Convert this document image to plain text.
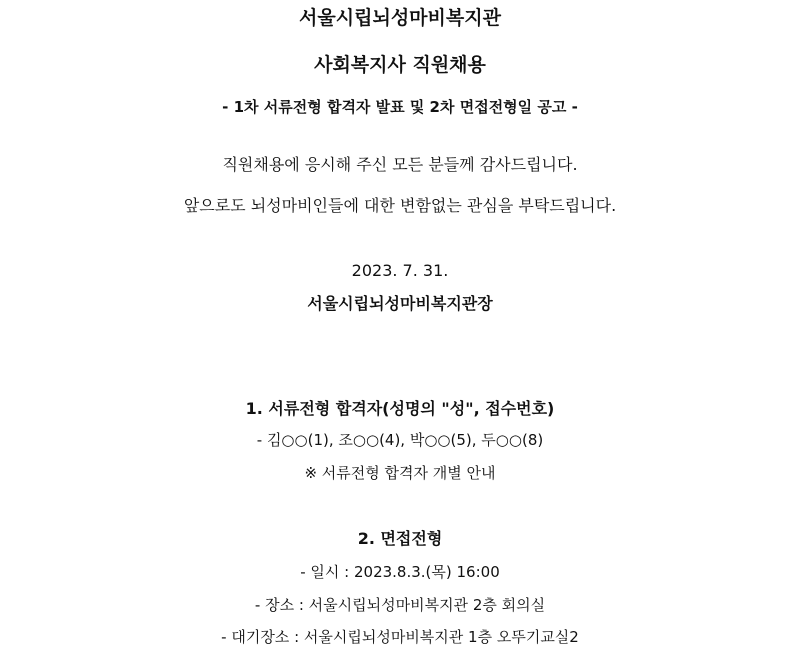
서울시립뇌성마비복지관
사회복지사 직원채용
- 1차 서류전형 합격자 발표 및 2차 면접전형일 공고 -
직원채용에 응시해 주신 모든 분들께 감사드립니다.
앞으로도 뇌성마비인들에 대한 변함없는 관심을 부탁드립니다.
2023. 7. 31.
서울시립뇌성마비복지관장
1. 서류전형 합격자(성명의 "성", 접수번호)
- 김○○(1), 조○○(4), 박○○(5), 두○○(8)
※ 서류전형 합격자 개별 안내
2. 면접전형
- 일시 : 2023.8.3.(목) 16:00
- 장소 : 서울시립뇌성마비복지관 2층 회의실
- 대기장소 : 서울시립뇌성마비복지관 1층 오뚜기교실2
